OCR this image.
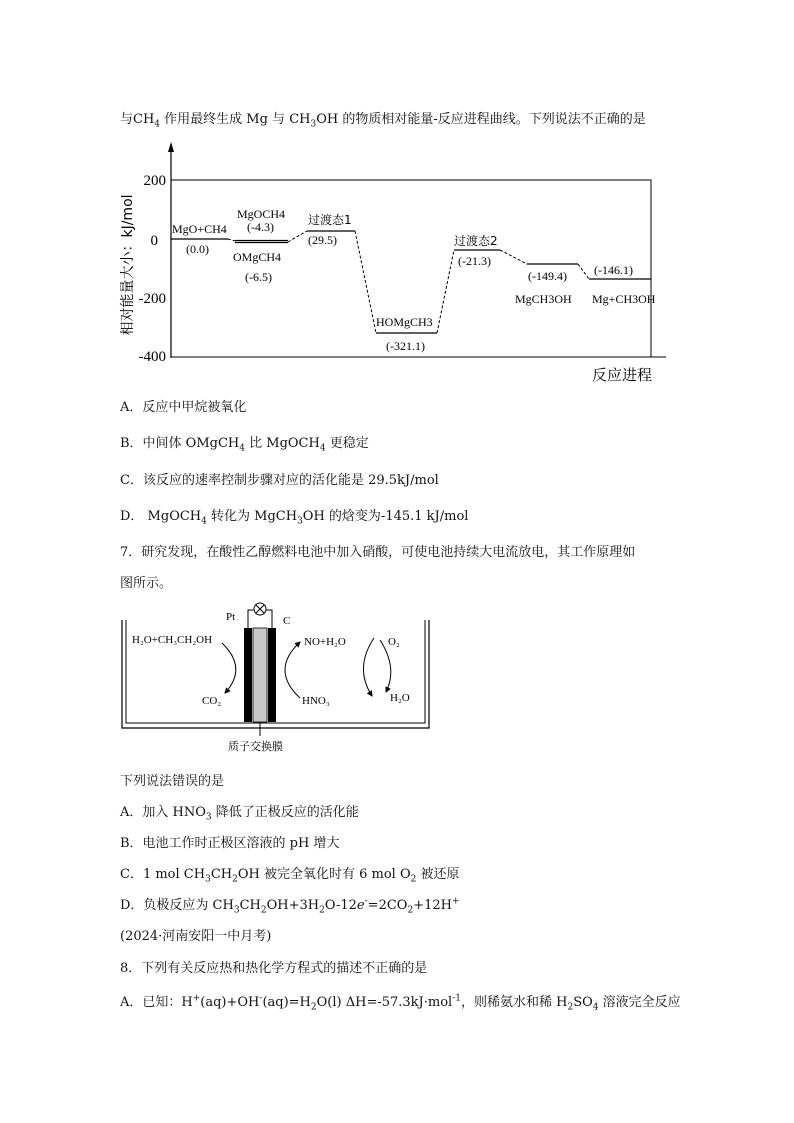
与$CH_4$ 作用最终生成 Mg 与 $CH_3OH$ 的物质相对能量-反应进程曲线。下列说法不正确的是
200
0
-200
-400
相对能量大小：kJ/mol
反应进程
MgO+CH4
(0.0)
MgOCH4
(-4.3)
OMgCH4
(-6.5)
(29.5)
HOMgCH3
(-321.1)
(-21.3)
(-149.4) (-146.1)
MgCH3OH Mg+CH3OH
过渡态1
过渡态2
A．反应中甲烷被氧化
B．中间体 OMgCH$_4$ 比 MgOCH$_4$ 更稳定
C．该反应的速率控制步骤对应的活化能是 29.5kJ/mol
D． MgOCH$_4$ 转化为 MgCH$_3$OH 的焓变为-145.1 kJ/mol
7．研究发现，在酸性乙醇燃料电池中加入硝酸，可使电池持续大电流放电，其工作原理如
图所示。
Pt	C
H₂O+CH₃CH₂OH
CO₂
NO+H₂O	O₂
HNO₃	H₂O
质子交换膜
下列说法错误的是
A．加入 $HNO_3$ 降低了正极反应的活化能
B．电池工作时正极区溶液的 pH 增大
C．1 mol $CH_3CH_2OH$ 被完全氧化时有 6 mol $O_2$ 被还原
D．负极反应为 $CH_3CH_2OH+3H_2O-12e^-=2CO_2+12H^+$
(2024·河南安阳一中月考)
8．下列有关反应热和热化学方程式的描述不正确的是
A．已知：$H^+(aq)+OH^-(aq)=H_2O(l)$ ΔH=-57.3kJ·mol$^{-1}$，则稀氨水和稀 $H_2SO_4$ 溶液完全反应
